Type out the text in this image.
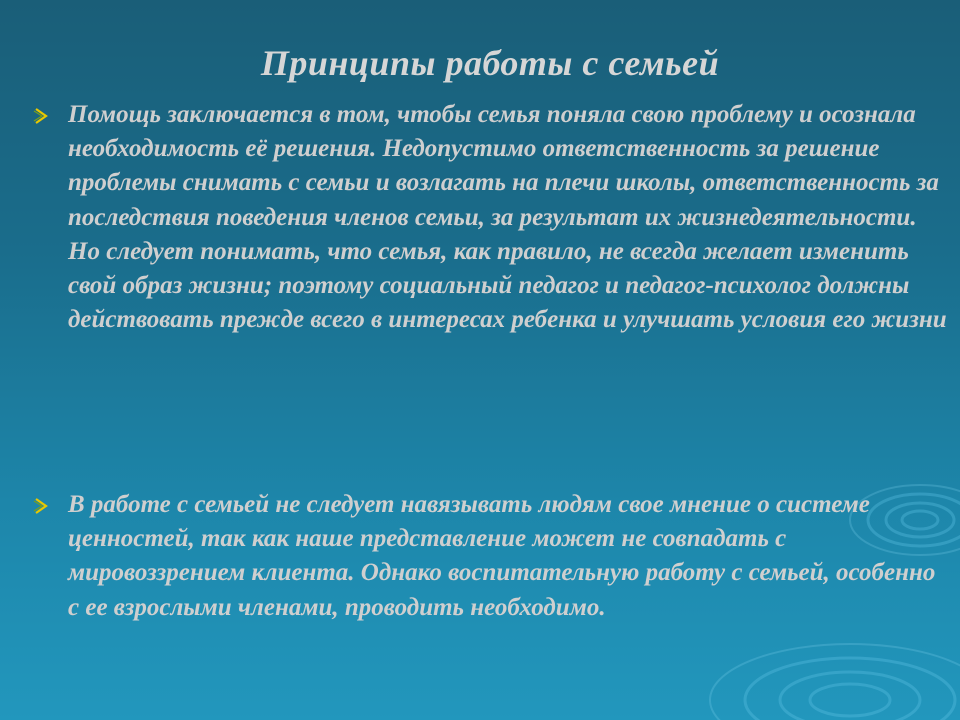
Принципы работы с семьей
Помощь заключается в том, чтобы семья поняла свою проблему и осознала необходимость её решения. Недопустимо ответственность за решение проблемы снимать с семьи и возлагать на плечи школы, ответственность за последствия поведения членов семьи, за результат их жизнедеятельности. Но следует понимать, что семья, как правило, не всегда желает изменить свой образ жизни; поэтому социальный педагог и педагог-психолог должны действовать прежде всего в интересах ребенка и улучшать условия его жизни
В работе с семьей не следует навязывать людям свое мнение о системе ценностей, так как наше представление может не совпадать с мировоззрением клиента. Однако воспитательную работу с семьей, особенно с ее взрослыми членами, проводить необходимо.
